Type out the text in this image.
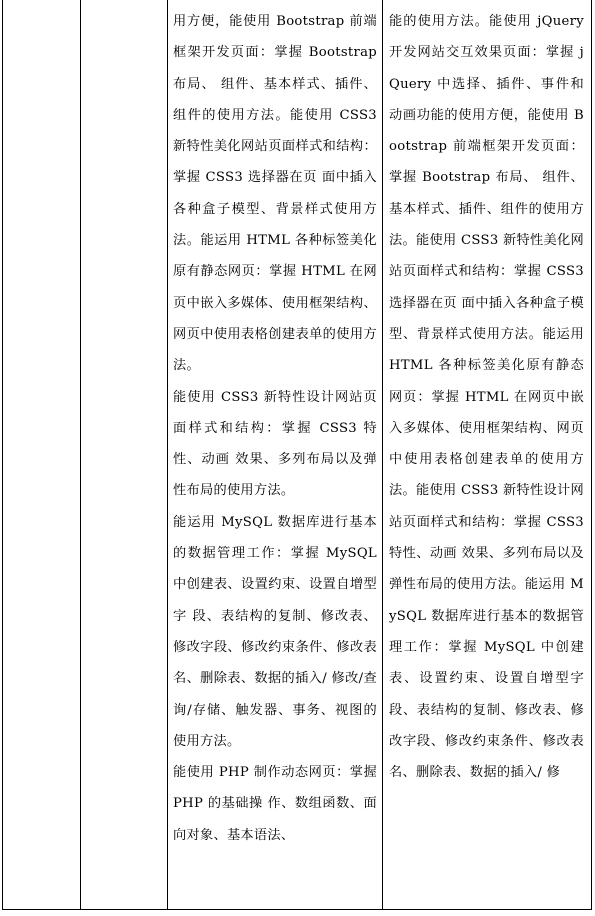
用方便，能使用 Bootstrap 前端框架开发页面：掌握 Bootstrap 布局、 组件、基本样式、插件、组件的使用方法。能使用 CSS3 新特性美化网站页面样式和结构：掌握 CSS3 选择器在页 面中插入各种盒子模型、背景样式使用方法。能运用 HTML 各种标签美化原有静态网页：掌握 HTML 在网页中嵌入多媒体、使用框架结构、网页中使用表格创建表单的使用方法。

能使用 CSS3 新特性设计网站页面样式和结构：掌握 CSS3 特性、动画 效果、多列布局以及弹性布局的使用方法。

能运用 MySQL 数据库进行基本的数据管理工作：掌握 MySQL 中创建表、设置约束、设置自增型字 段、表结构的复制、修改表、修改字段、修改约束条件、修改表名、删除表、数据的插入/ 修改/查询/存储、触发器、事务、视图的使用方法。

能使用 PHP 制作动态网页：掌握 PHP 的基础操 作、数组函数、面向对象、基本语法、

能的使用方法。能使用 jQuery 开发网站交互效果页面：掌握 jQuery 中选择、插件、事件和动画功能的使用方便，能使用 Bootstrap 前端框架开发页面：掌握 Bootstrap 布局、 组件、基本样式、插件、组件的使用方法。能使用 CSS3 新特性美化网站页面样式和结构：掌握 CSS3 选择器在页 面中插入各种盒子模型、背景样式使用方法。能运用 HTML 各种标签美化原有静态网页：掌握 HTML 在网页中嵌入多媒体、使用框架结构、网页中使用表格创建表单的使用方法。能使用 CSS3 新特性设计网站页面样式和结构：掌握 CSS3 特性、动画 效果、多列布局以及弹性布局的使用方法。能运用 MySQL 数据库进行基本的数据管理工作：掌握 MySQL 中创建表、设置约束、设置自增型字 段、表结构的复制、修改表、修改字段、修改约束条件、修改表名、删除表、数据的插入/ 修
